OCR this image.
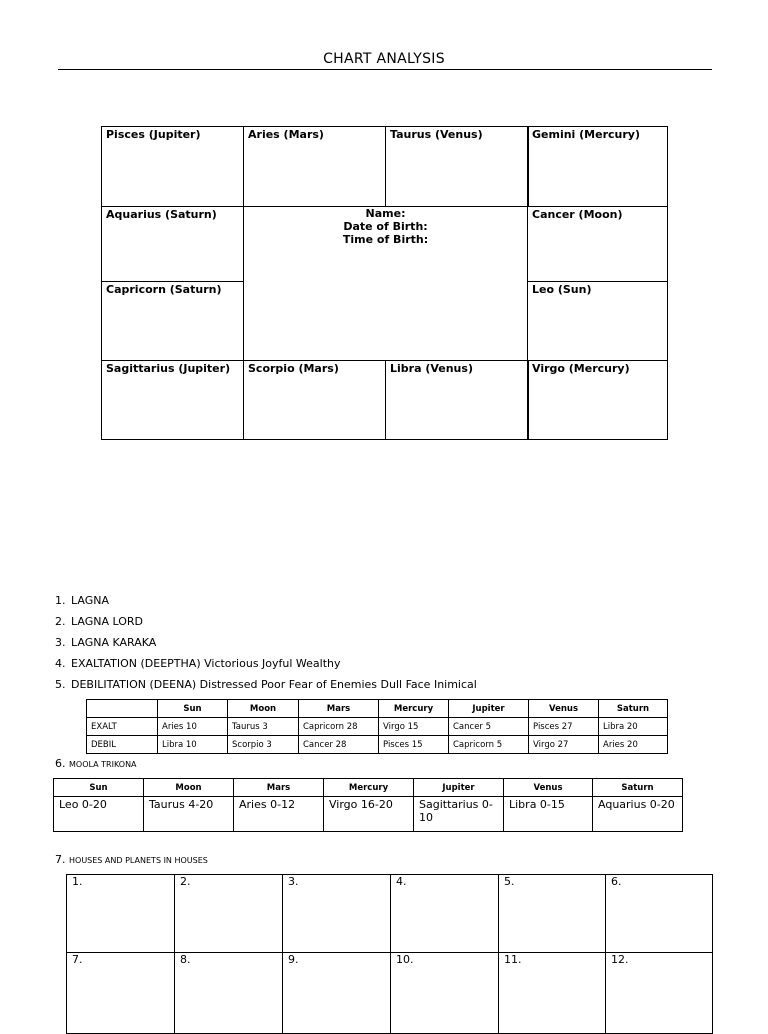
CHART ANALYSIS
Pisces (Jupiter)	Aries (Mars)	Taurus (Venus)	Gemini (Mercury)
Aquarius (Saturn)	Cancer (Moon)
Capricorn (Saturn)	Leo (Sun)
Sagittarius (Jupiter)	Scorpio (Mars)	Libra (Venus)	Virgo (Mercury)
Name:
Date of Birth:
Time of Birth:
1. LAGNA
2. LAGNA LORD
3. LAGNA KARAKA
4. EXALTATION (DEEPTHA) Victorious Joyful Wealthy
5. DEBILITATION (DEENA) Distressed Poor Fear of Enemies Dull Face Inimical
	Sun	Moon	Mars	Mercury	Jupiter	Venus	Saturn
EXALT	Aries 10	Taurus 3	Capricorn 28	Virgo 15	Cancer 5	Pisces 27	Libra 20
DEBIL	Libra 10	Scorpio 3	Cancer 28	Pisces 15	Capricorn 5	Virgo 27	Aries 20
6. MOOLA TRIKONA
Sun	Moon	Mars	Mercury	Jupiter	Venus	Saturn
Leo 0-20	Taurus 4-20	Aries 0-12	Virgo 16-20	Sagittarius 0-10	Libra 0-15	Aquarius 0-20
7. HOUSES AND PLANETS IN HOUSES
1.	2.	3.	4.	5.	6.
7.	8.	9.	10.	11.	12.
